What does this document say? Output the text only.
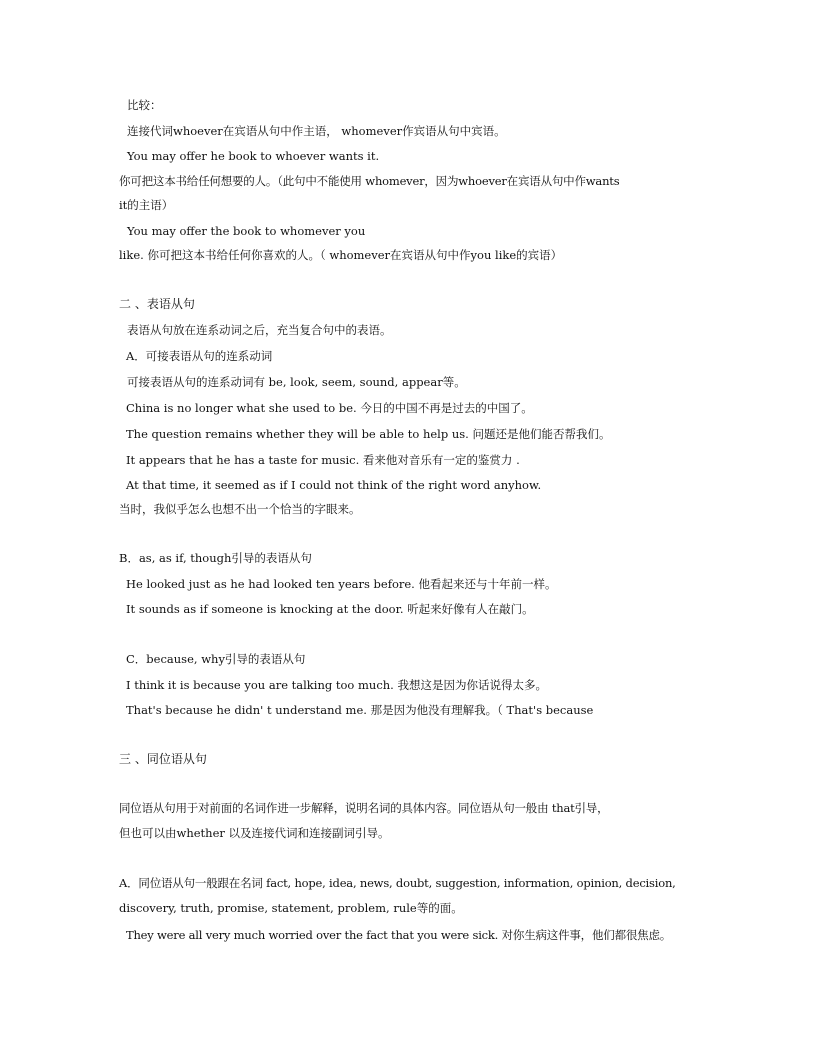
比较：
连接代词whoever在宾语从句中作主语， whomever作宾语从句中宾语。
You may offer he book to whoever wants it.
你可把这本书给任何想要的人。（此句中不能使用 whomever，因为whoever在宾语从句中作wants
it的主语）
You may offer the book to whomever you
like. 你可把这本书给任何你喜欢的人。（ whomever在宾语从句中作you like的宾语）
二 、表语从句
表语从句放在连系动词之后，充当复合句中的表语。
A．可接表语从句的连系动词
可接表语从句的连系动词有 be, look, seem, sound, appear等。
China is no longer what she used to be. 今日的中国不再是过去的中国了。
The question remains whether they will be able to help us. 问题还是他们能否帮我们。
It appears that he has a taste for music. 看来他对音乐有一定的鉴赏力 .
At that time, it seemed as if I could not think of the right word anyhow.
当时，我似乎怎么也想不出一个恰当的字眼来。
B．as, as if, though引导的表语从句
He looked just as he had looked ten years before. 他看起来还与十年前一样。
It sounds as if someone is knocking at the door. 听起来好像有人在敲门。
C．because, why引导的表语从句
I think it is because you are talking too much. 我想这是因为你话说得太多。
That's because he didn' t understand me. 那是因为他没有理解我。（ That's because
三 、同位语从句
同位语从句用于对前面的名词作进一步解释，说明名词的具体内容。同位语从句一般由 that引导，
但也可以由whether 以及连接代词和连接副词引导。
A．同位语从句一般跟在名词 fact, hope, idea, news, doubt, suggestion, information, opinion, decision,
discovery, truth, promise, statement, problem, rule等的面。
They were all very much worried over the fact that you were sick. 对你生病这件事，他们都很焦虑。
